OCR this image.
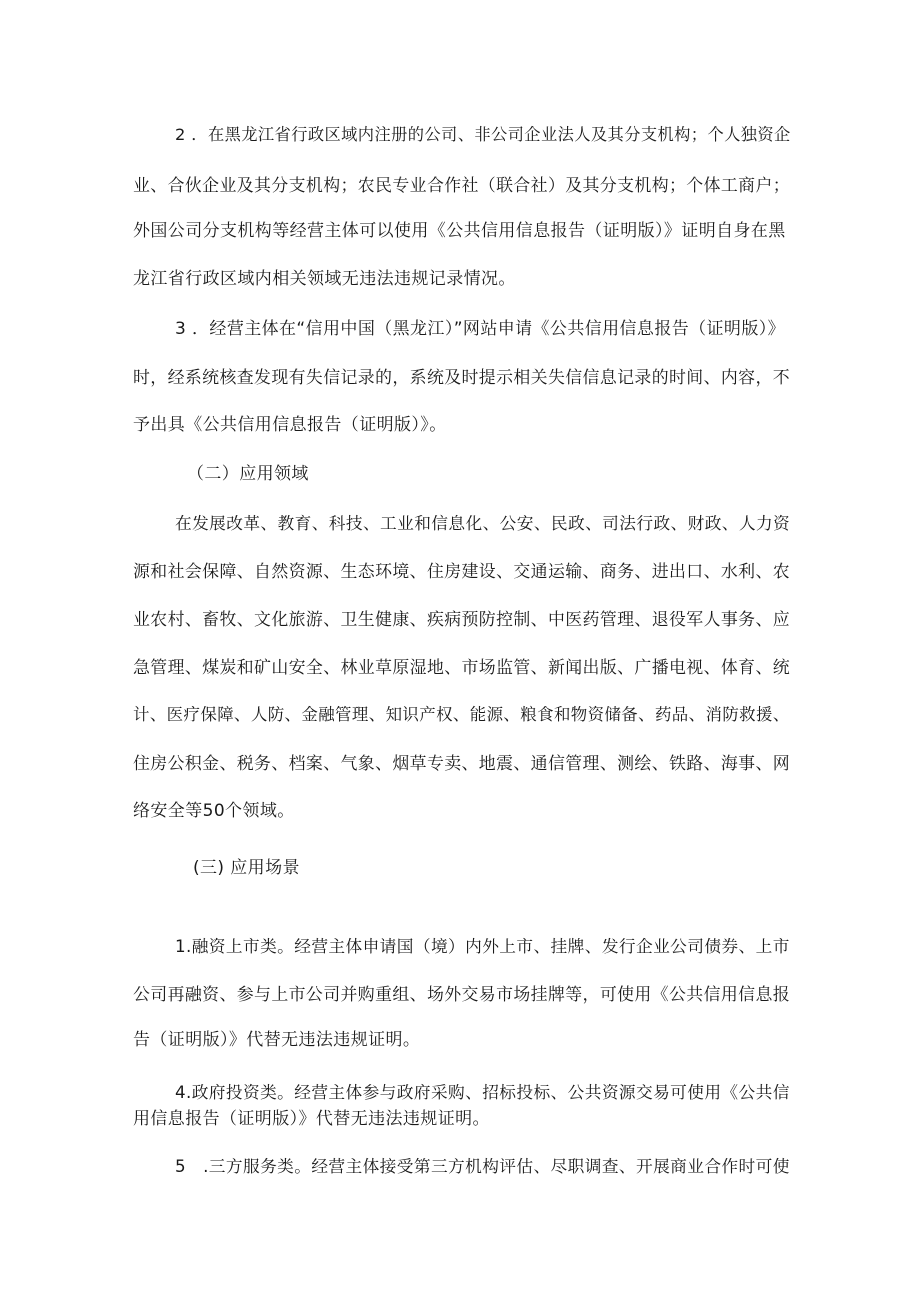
2 ．在黑龙江省行政区域内注册的公司、非公司企业法人及其分支机构；个人独资企
业、合伙企业及其分支机构；农民专业合作社（联合社）及其分支机构；个体工商户；
外国公司分支机构等经营主体可以使用《公共信用信息报告（证明版）》证明自身在黑
龙江省行政区域内相关领域无违法违规记录情况。
3 ．经营主体在“信用中国（黑龙江）”网站申请《公共信用信息报告（证明版）》
时，经系统核查发现有失信记录的，系统及时提示相关失信信息记录的时间、内容，不
予出具《公共信用信息报告（证明版）》。
（二）应用领域
在发展改革、教育、科技、工业和信息化、公安、民政、司法行政、财政、人力资
源和社会保障、自然资源、生态环境、住房建设、交通运输、商务、进出口、水利、农
业农村、畜牧、文化旅游、卫生健康、疾病预防控制、中医药管理、退役军人事务、应
急管理、煤炭和矿山安全、林业草原湿地、市场监管、新闻出版、广播电视、体育、统
计、医疗保障、人防、金融管理、知识产权、能源、粮食和物资储备、药品、消防救援、
住房公积金、税务、档案、气象、烟草专卖、地震、通信管理、测绘、铁路、海事、网
络安全等50个领域。
(三) 应用场景
1.融资上市类。经营主体申请国（境）内外上市、挂牌、发行企业公司债券、上市
公司再融资、参与上市公司并购重组、场外交易市场挂牌等，可使用《公共信用信息报
告（证明版）》代替无违法违规证明。
4.政府投资类。经营主体参与政府采购、招标投标、公共资源交易可使用《公共信
用信息报告（证明版）》代替无违法违规证明。
5　.三方服务类。经营主体接受第三方机构评估、尽职调查、开展商业合作时可使
